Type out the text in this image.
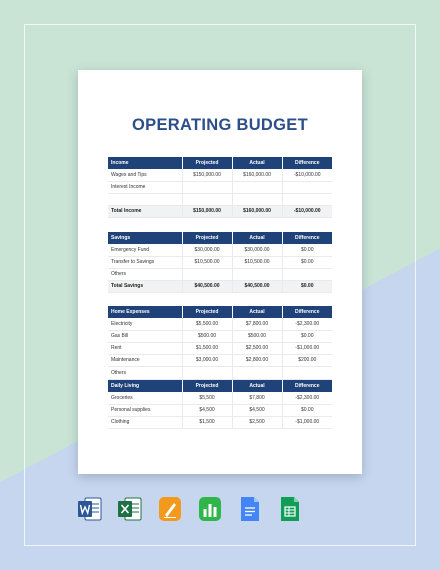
OPERATING BUDGET
Income	Projected	Actual	Difference
Wages and Tips	$150,000.00	$160,000.00	-$10,000.00
Interest Income			

Total Income	$150,000.00	$160,000.00	-$10,000.00
Savings	Projected	Actual	Difference
Emergency Fund	$30,000.00	$30,000.00	$0.00
Transfer to Savings	$10,500.00	$10,500.00	$0.00
Others			
Total Savings	$40,500.00	$40,500.00	$0.00
Home Expenses	Projected	Actual	Difference
Electricity	$5,500.00	$7,800.00	-$2,300.00
Gas Bill	$500.00	$500.00	$0.00
Rent	$1,500.00	$2,500.00	-$1,000.00
Maintenance	$3,000.00	$2,800.00	$200.00
Others			
Daily Living	Projected	Actual	Difference
Groceries	$5,500	$7,800	-$2,300.00
Personal supplies	$4,500	$4,500	$0.00
Clothing	$1,500	$2,500	-$1,000.00
